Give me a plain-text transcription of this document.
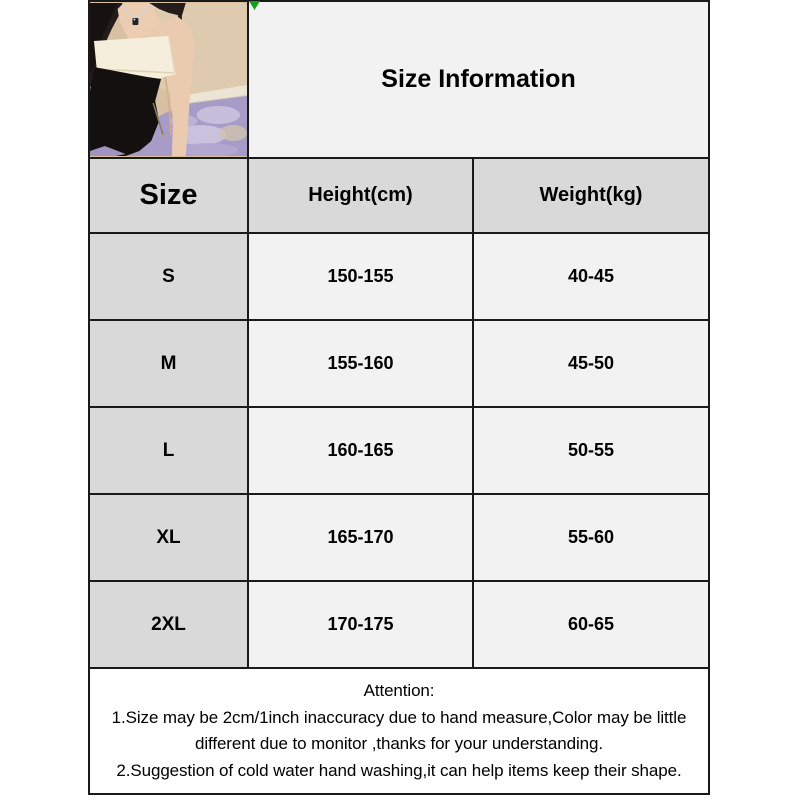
	Size Information	
Size	Height(cm)	Weight(kg)
S	150-155	40-45
M	155-160	45-50
L	160-165	50-55
XL	165-170	55-60
2XL	170-175	60-65

Attention:
1.Size may be 2cm/1inch inaccuracy due to hand measure,Color may be little
different due to monitor ,thanks for your understanding.
2.Suggestion of cold water hand washing,it can help items keep their shape.		
